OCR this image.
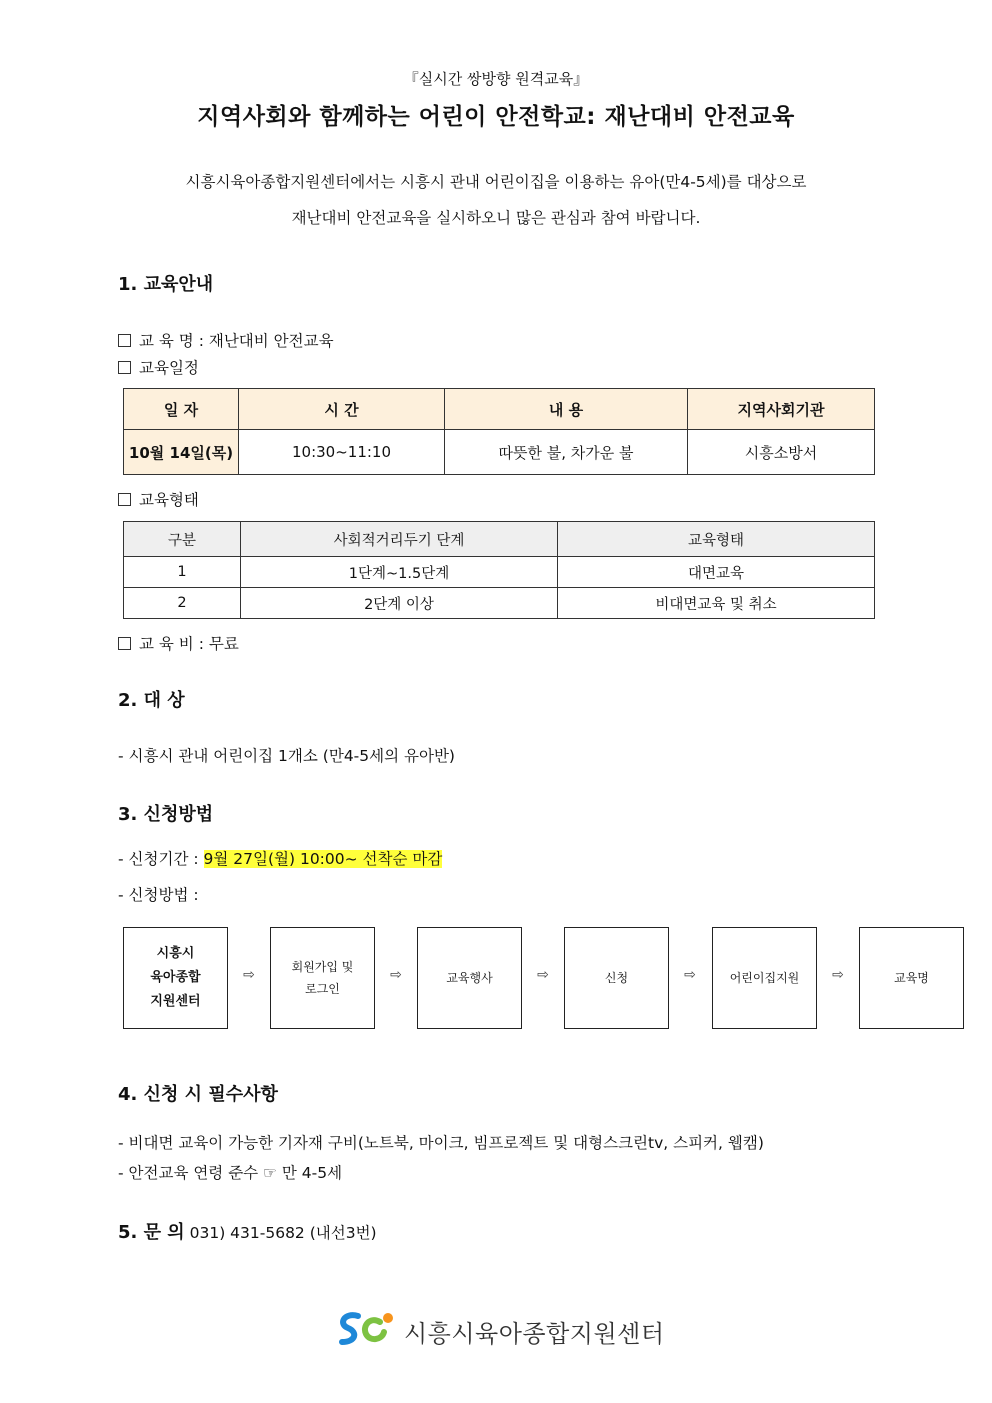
『실시간 쌍방향 원격교육』
지역사회와 함께하는 어린이 안전학교: 재난대비 안전교육
시흥시육아종합지원센터에서는 시흥시 관내 어린이집을 이용하는 유아(만4-5세)를 대상으로
재난대비 안전교육을 실시하오니 많은 관심과 참여 바랍니다.
1. 교육안내
교 육 명 : 재난대비 안전교육
교육일정
일 자	시 간	내 용	지역사회기관
10월 14일(목)	10:30~11:10	따뜻한 불, 차가운 불	시흥소방서
교육형태
구분	사회적거리두기 단계	교육형태
1	1단계~1.5단계	대면교육
2	2단계 이상	비대면교육 및 취소
교 육 비 : 무료
2. 대 상
- 시흥시 관내 어린이집 1개소 (만4-5세의 유아반)
3. 신청방법
- 신청기간 : 9월 27일(월) 10:00~ 선착순 마감
- 신청방법 :
시흥시
육아종합
지원센터
⇨	회원가입 및
로그인
⇨	교육행사	⇨	신청	⇨	어린이집지원	⇨	교육명
4. 신청 시 필수사항
- 비대면 교육이 가능한 기자재 구비(노트북, 마이크, 빔프로젝트 및 대형스크린tv, 스피커, 웹캠)
- 안전교육 연령 준수 ☞ 만 4-5세
5. 문 의 031) 431-5682 (내선3번)
시흥시육아종합지원센터
